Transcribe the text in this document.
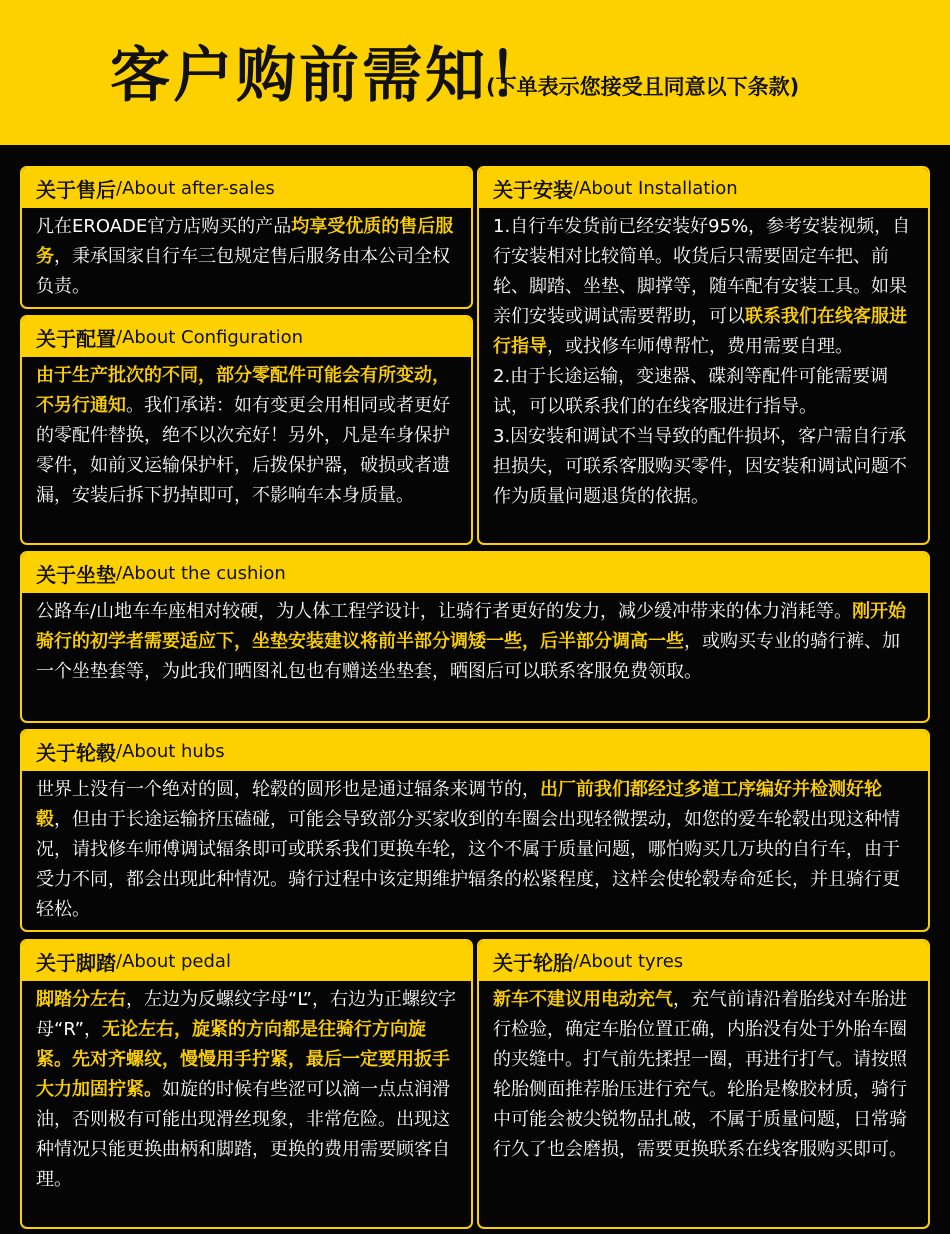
客户购前需知！
(下单表示您接受且同意以下条款)
关于售后 /About after-sales
凡在EROADE官方店购买的产品均享受优质的售后服务，秉承国家自行车三包规定售后服务由本公司全权负责。
关于配置 /About Configuration
由于生产批次的不同，部分零配件可能会有所变动，不另行通知。我们承诺：如有变更会用相同或者更好的零配件替换，绝不以次充好！另外，凡是车身保护零件，如前叉运输保护杆，后拨保护器，破损或者遗漏，安装后拆下扔掉即可，不影响车本身质量。
关于安装 /About Installation
1.自行车发货前已经安装好95%，参考安装视频，自行安装相对比较简单。收货后只需要固定车把、前轮、脚踏、坐垫、脚撑等，随车配有安装工具。如果亲们安装或调试需要帮助，可以联系我们在线客服进行指导，或找修车师傅帮忙，费用需要自理。
2.由于长途运输，变速器、碟刹等配件可能需要调试，可以联系我们的在线客服进行指导。
3.因安装和调试不当导致的配件损坏，客户需自行承担损失，可联系客服购买零件，因安装和调试问题不作为质量问题退货的依据。
关于坐垫 /About the cushion
公路车/山地车车座相对较硬，为人体工程学设计，让骑行者更好的发力，减少缓冲带来的体力消耗等。刚开始骑行的初学者需要适应下，坐垫安装建议将前半部分调矮一些，后半部分调高一些，或购买专业的骑行裤、加一个坐垫套等，为此我们晒图礼包也有赠送坐垫套，晒图后可以联系客服免费领取。
关于轮毂 /About hubs
世界上没有一个绝对的圆，轮毂的圆形也是通过辐条来调节的，出厂前我们都经过多道工序编好并检测好轮毂，但由于长途运输挤压磕碰，可能会导致部分买家收到的车圈会出现轻微摆动，如您的爱车轮毂出现这种情况，请找修车师傅调试辐条即可或联系我们更换车轮，这个不属于质量问题，哪怕购买几万块的自行车，由于受力不同，都会出现此种情况。骑行过程中该定期维护辐条的松紧程度，这样会使轮毂寿命延长，并且骑行更轻松。
关于脚踏 /About pedal
脚踏分左右，左边为反螺纹字母“L”，右边为正螺纹字母“R”，无论左右，旋紧的方向都是往骑行方向旋紧。先对齐螺纹，慢慢用手拧紧，最后一定要用扳手大力加固拧紧。如旋的时候有些涩可以滴一点点润滑油，否则极有可能出现滑丝现象，非常危险。出现这种情况只能更换曲柄和脚踏，更换的费用需要顾客自理。
关于轮胎 /About tyres
新车不建议用电动充气，充气前请沿着胎线对车胎进行检验，确定车胎位置正确，内胎没有处于外胎车圈的夹缝中。打气前先揉捏一圈，再进行打气。请按照轮胎侧面推荐胎压进行充气。轮胎是橡胶材质，骑行中可能会被尖锐物品扎破，不属于质量问题，日常骑行久了也会磨损，需要更换联系在线客服购买即可。
